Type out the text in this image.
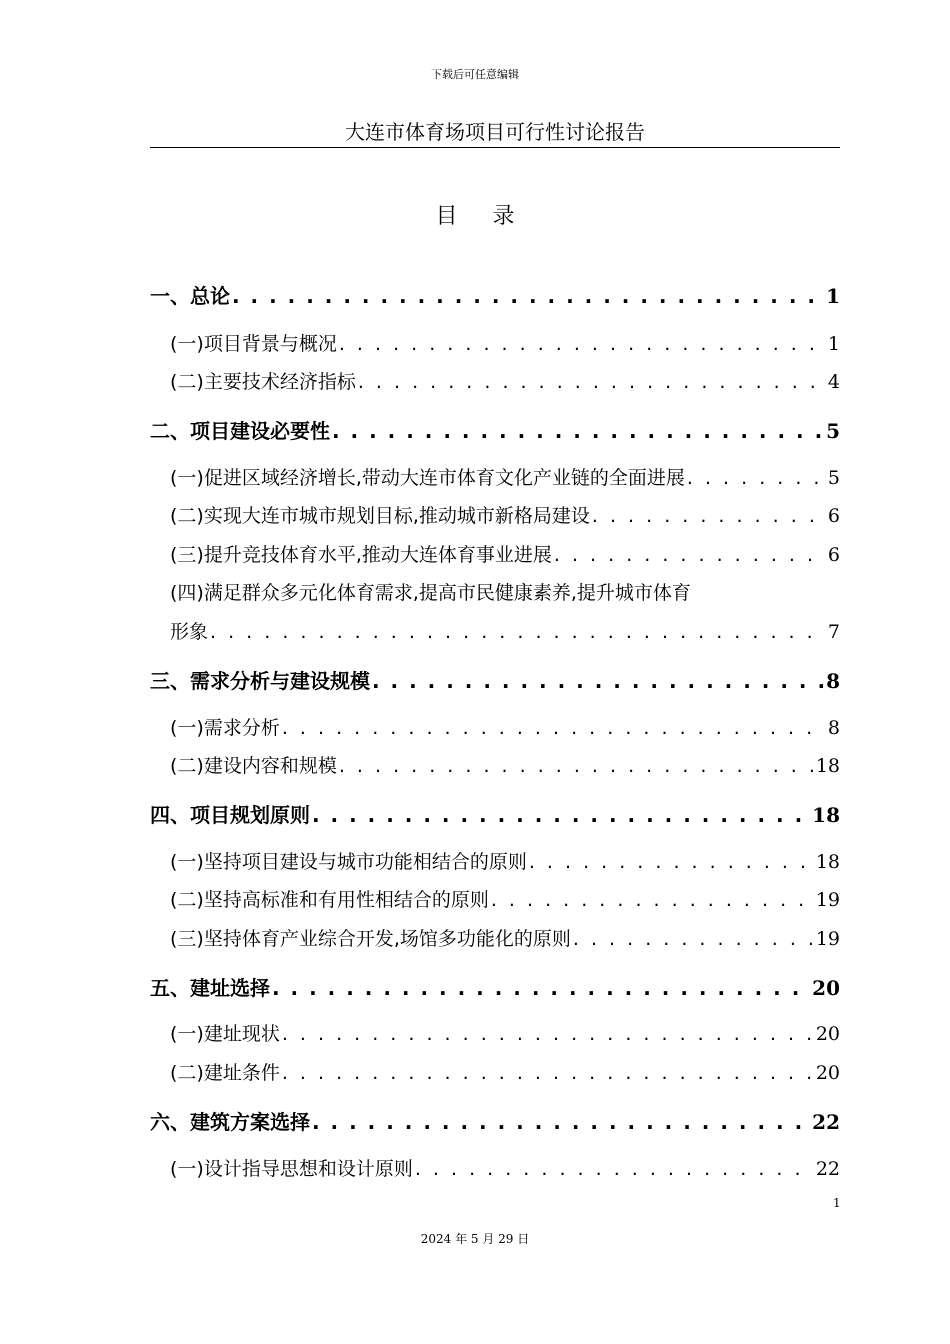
下载后可任意编辑
大连市体育场项目可行性讨论报告
目 录
一、总论 . . .	1
(一)项目背景与概况 . . .	1
(二)主要技术经济指标 . . .	4
二、项目建设必要性 . . .	5
(一)促进区域经济增长,带动大连市体育文化产业链的全面进展 . . .	5
(二)实现大连市城市规划目标,推动城市新格局建设 . . .	6
(三)提升竞技体育水平,推动大连体育事业进展 . . .	6
(四)满足群众多元化体育需求,提高市民健康素养,提升城市体育
形象 . . .	7
三、需求分析与建设规模 . . .	8
(一)需求分析 . . .	8
(二)建设内容和规模 . . .	18
四、项目规划原则 . . .	18
(一)坚持项目建设与城市功能相结合的原则 . . .	18
(二)坚持高标准和有用性相结合的原则 . . .	19
(三)坚持体育产业综合开发,场馆多功能化的原则 . . .	19
五、建址选择 . . .	20
(一)建址现状 . . .	20
(二)建址条件 . . .	20
六、建筑方案选择 . . .	22
(一)设计指导思想和设计原则 . . .	22
1
2024 年 5 月 29 日
